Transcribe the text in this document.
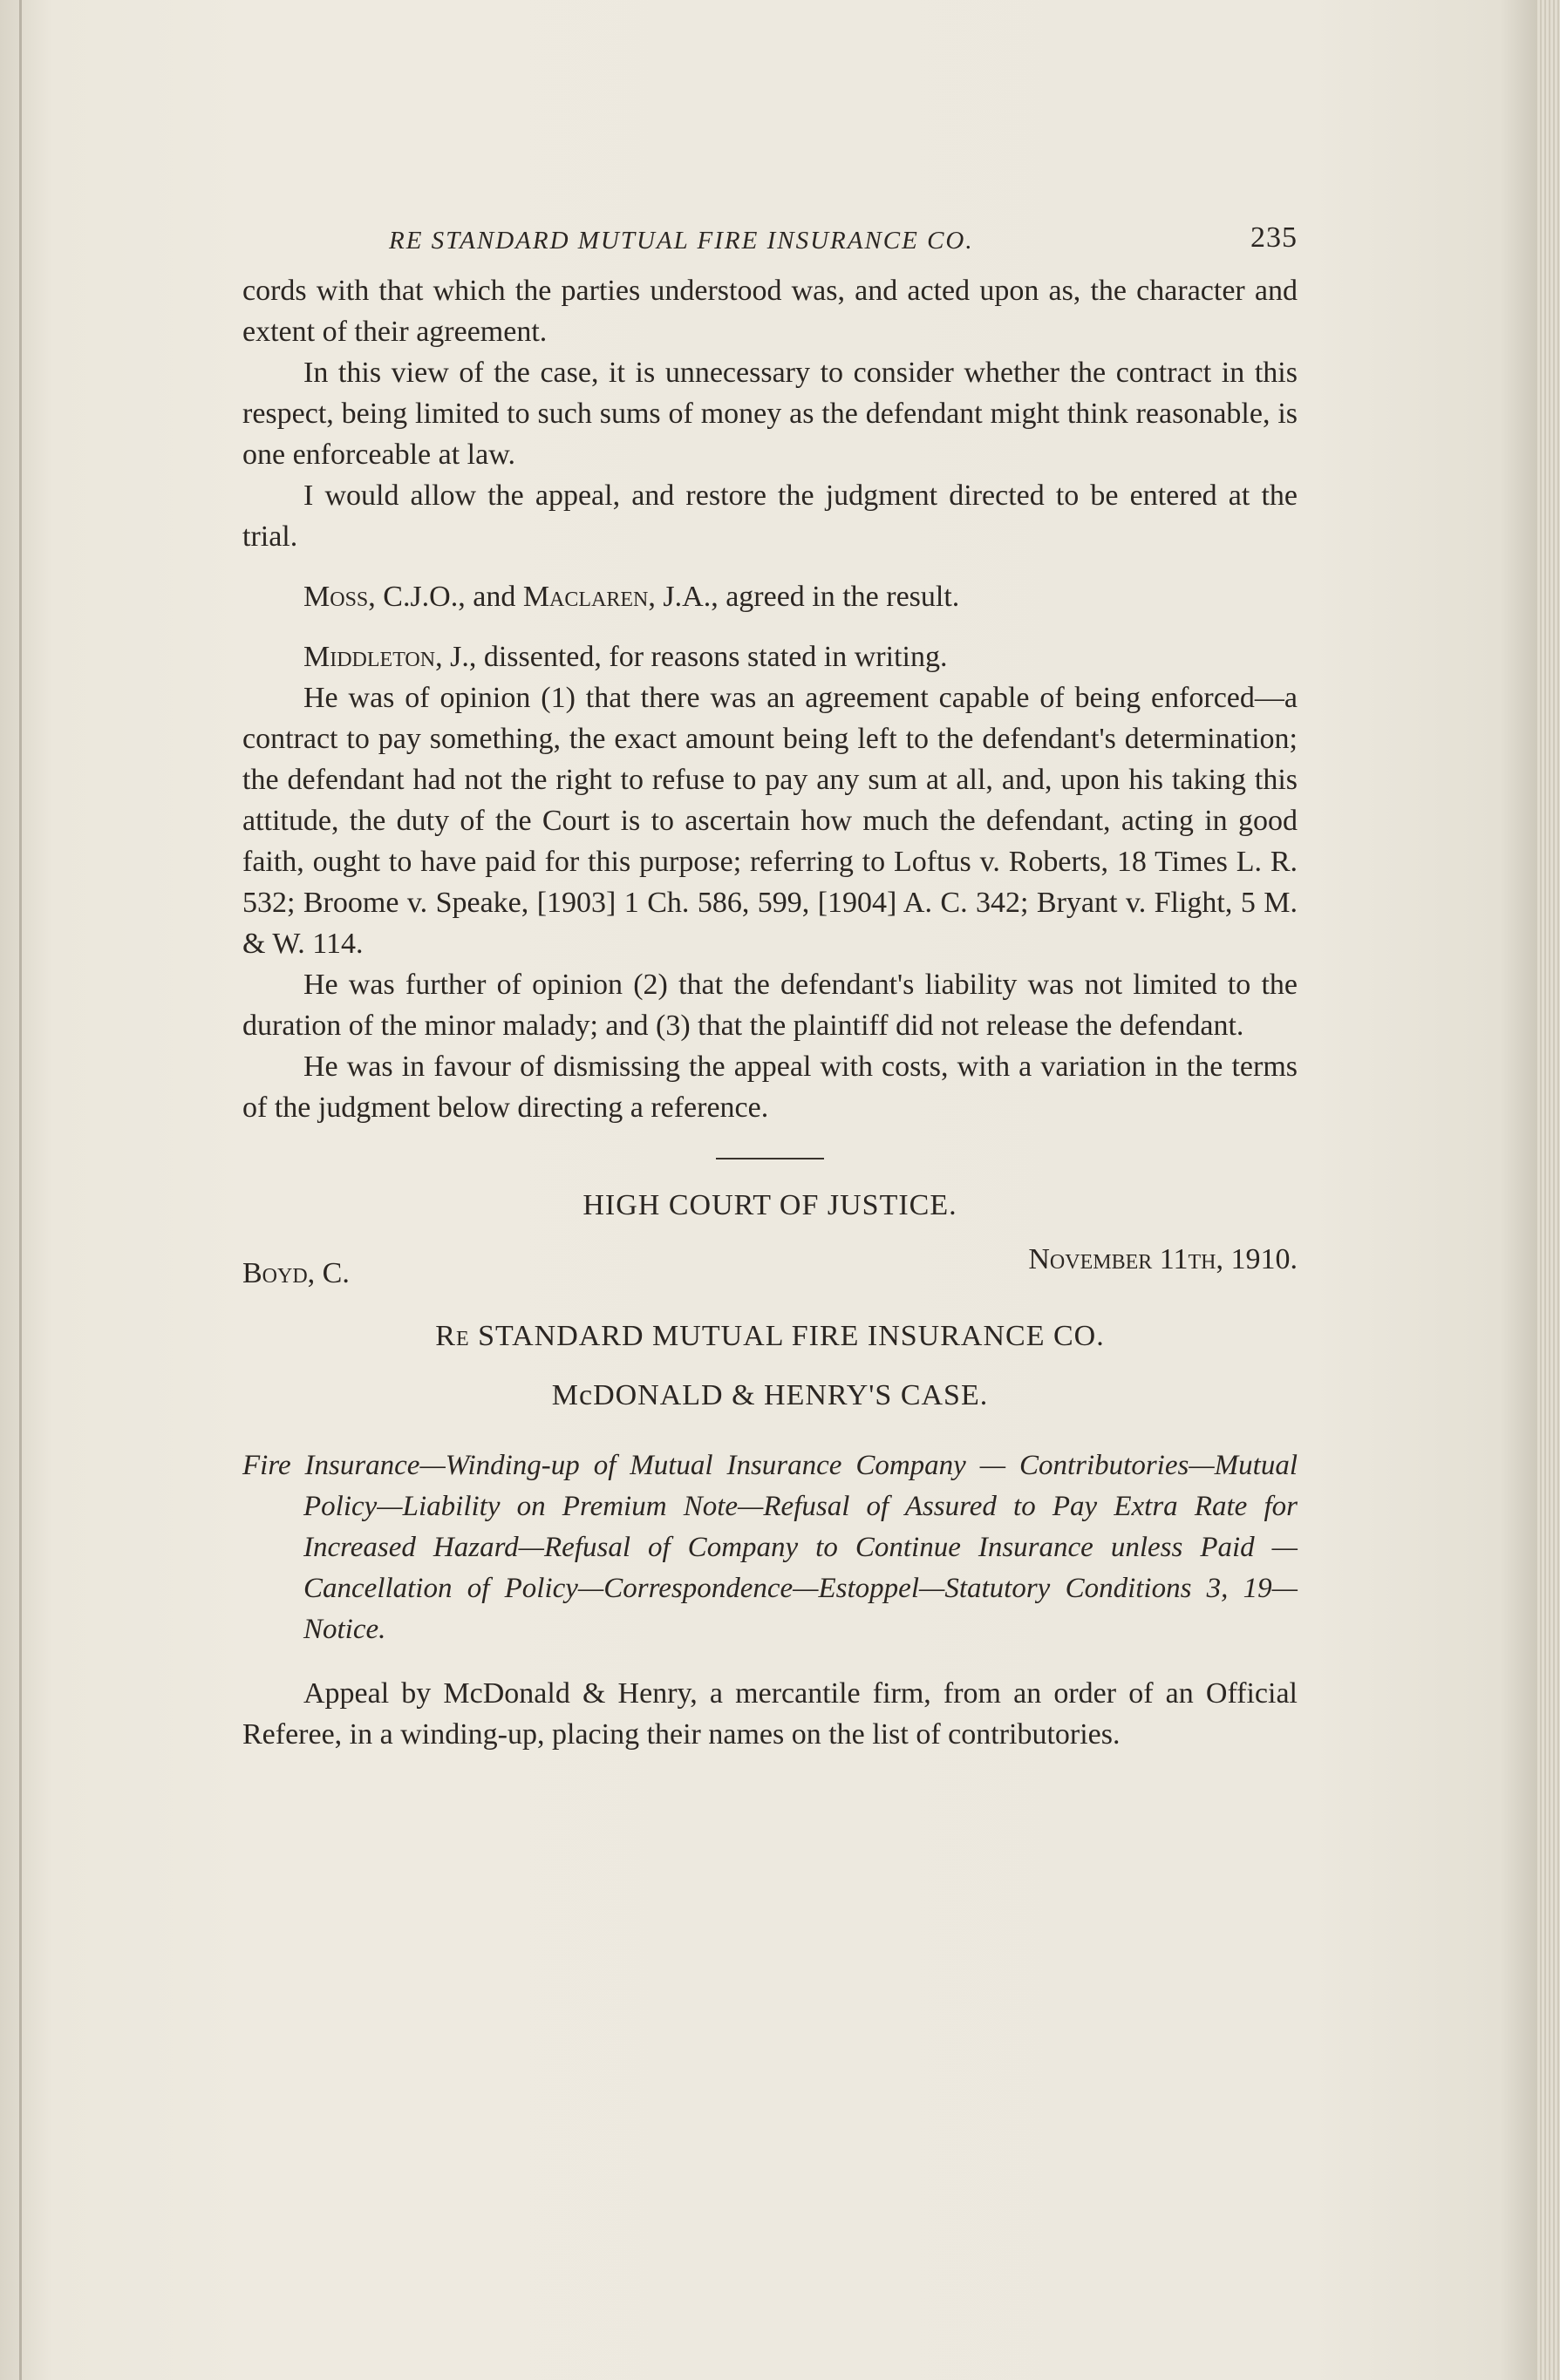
RE STANDARD MUTUAL FIRE INSURANCE CO.	235

cords with that which the parties understood was, and acted upon as, the character and extent of their agreement.

In this view of the case, it is unnecessary to consider whether the contract in this respect, being limited to such sums of money as the defendant might think reasonable, is one enforceable at law.

I would allow the appeal, and restore the judgment directed to be entered at the trial.

Moss, C.J.O., and Maclaren, J.A., agreed in the result.

Middleton, J., dissented, for reasons stated in writing.

He was of opinion (1) that there was an agreement capable of being enforced—a contract to pay something, the exact amount being left to the defendant's determination; the defendant had not the right to refuse to pay any sum at all, and, upon his taking this attitude, the duty of the Court is to ascertain how much the defendant, acting in good faith, ought to have paid for this purpose; referring to Loftus v. Roberts, 18 Times L. R. 532; Broome v. Speake, [1903] 1 Ch. 586, 599, [1904] A. C. 342; Bryant v. Flight, 5 M. & W. 114.

He was further of opinion (2) that the defendant's liability was not limited to the duration of the minor malady; and (3) that the plaintiff did not release the defendant.

He was in favour of dismissing the appeal with costs, with a variation in the terms of the judgment below directing a reference.

HIGH COURT OF JUSTICE.
Boyd, C.	November 11th, 1910.
Re STANDARD MUTUAL FIRE INSURANCE CO.
McDONALD & HENRY'S CASE.

Fire Insurance—Winding-up of Mutual Insurance Company — Contributories—Mutual Policy—Liability on Premium Note—Refusal of Assured to Pay Extra Rate for Increased Hazard—Refusal of Company to Continue Insurance unless Paid — Cancellation of Policy—Correspondence—Estoppel—Statutory Conditions 3, 19—Notice.

Appeal by McDonald & Henry, a mercantile firm, from an order of an Official Referee, in a winding-up, placing their names on the list of contributories.
